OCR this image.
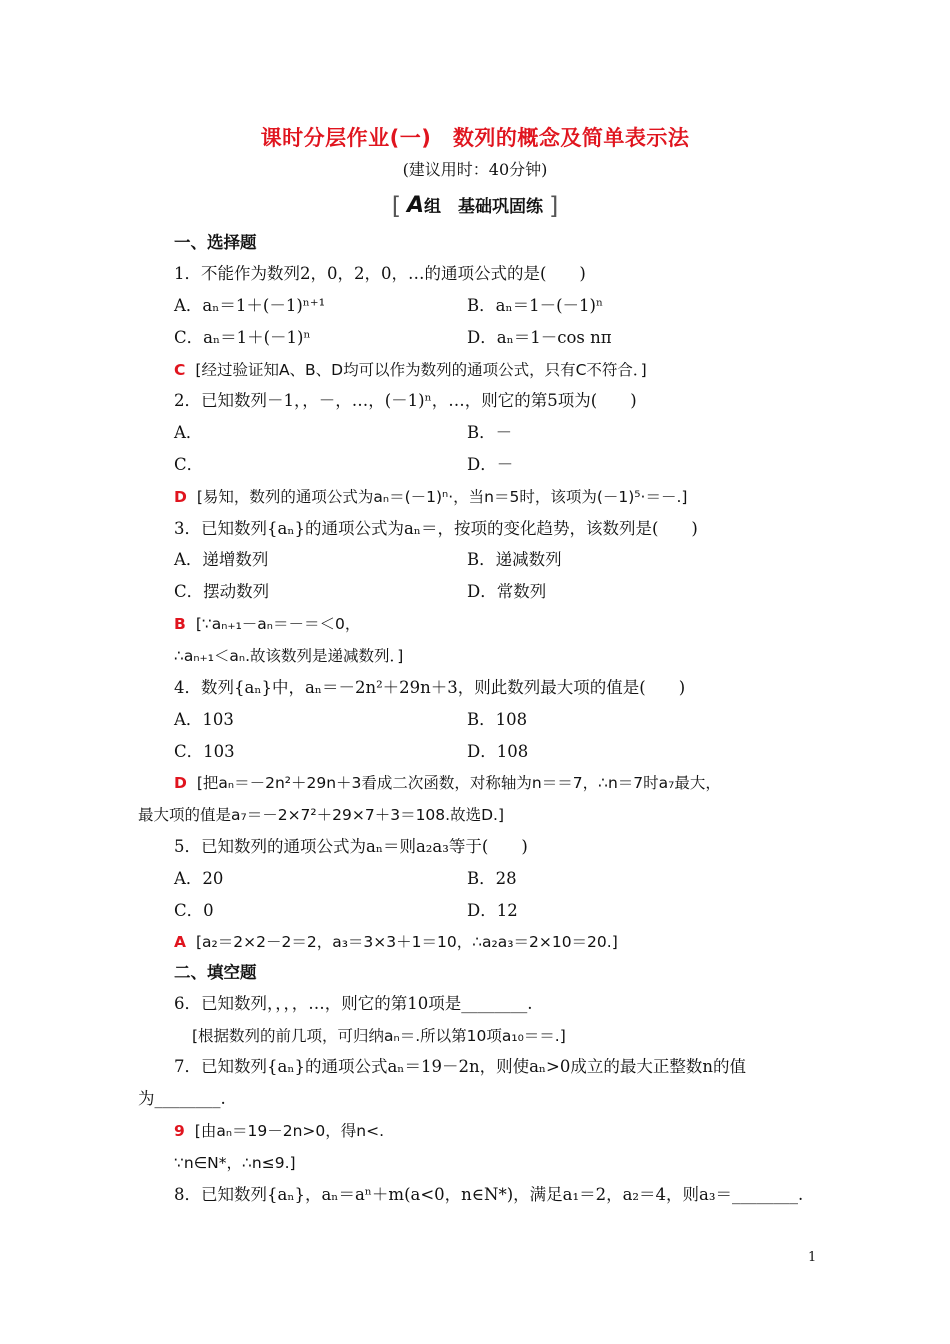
课时分层作业(一)　数列的概念及简单表示法
(建议用时：40分钟)
[ A组　基础巩固练 ]
一、选择题
1．不能作为数列2，0，2，0，…的通项公式的是(　　)
A．aₙ＝1＋(－1)ⁿ⁺¹	B．aₙ＝1－(－1)ⁿ
C．aₙ＝1＋(－1)ⁿ	D．aₙ＝1－cos nπ
C [经过验证知A、B、D均可以作为数列的通项公式，只有C不符合．]
2．已知数列－1，，－，…，(－1)ⁿ，…，则它的第5项为(　　)
A．	B．－
C．	D．－
D [易知，数列的通项公式为aₙ＝(－1)ⁿ·，当n＝5时，该项为(－1)⁵·＝－.]
3．已知数列{aₙ}的通项公式为aₙ＝，按项的变化趋势，该数列是(　　)
A．递增数列	B．递减数列
C．摆动数列	D．常数列
B [∵aₙ₊₁－aₙ＝－＝＜0，
∴aₙ₊₁＜aₙ.故该数列是递减数列．]
4．数列{aₙ}中，aₙ＝－2n²＋29n＋3，则此数列最大项的值是(　　)
A．103	B．108
C．103	D．108
D [把aₙ＝－2n²＋29n＋3看成二次函数，对称轴为n＝＝7，∴n＝7时a₇最大，
最大项的值是a₇＝－2×7²＋29×7＋3＝108.故选D.]
5．已知数列的通项公式为aₙ＝则a₂a₃等于(　　)
A．20	B．28
C．0	D．12
A [a₂＝2×2－2＝2，a₃＝3×3＋1＝10，∴a₂a₃＝2×10＝20.]
二、填空题
6．已知数列，，，，…，则它的第10项是________.
[根据数列的前几项，可归纳aₙ＝.所以第10项a₁₀＝＝.]
7．已知数列{aₙ}的通项公式aₙ＝19－2n，则使aₙ>0成立的最大正整数n的值
为________.
9 [由aₙ＝19－2n>0，得n<.
∵n∈N*，∴n≤9.]
8．已知数列{aₙ}，aₙ＝aⁿ＋m(a<0，n∈N*)，满足a₁＝2，a₂＝4，则a₃＝________.
1
